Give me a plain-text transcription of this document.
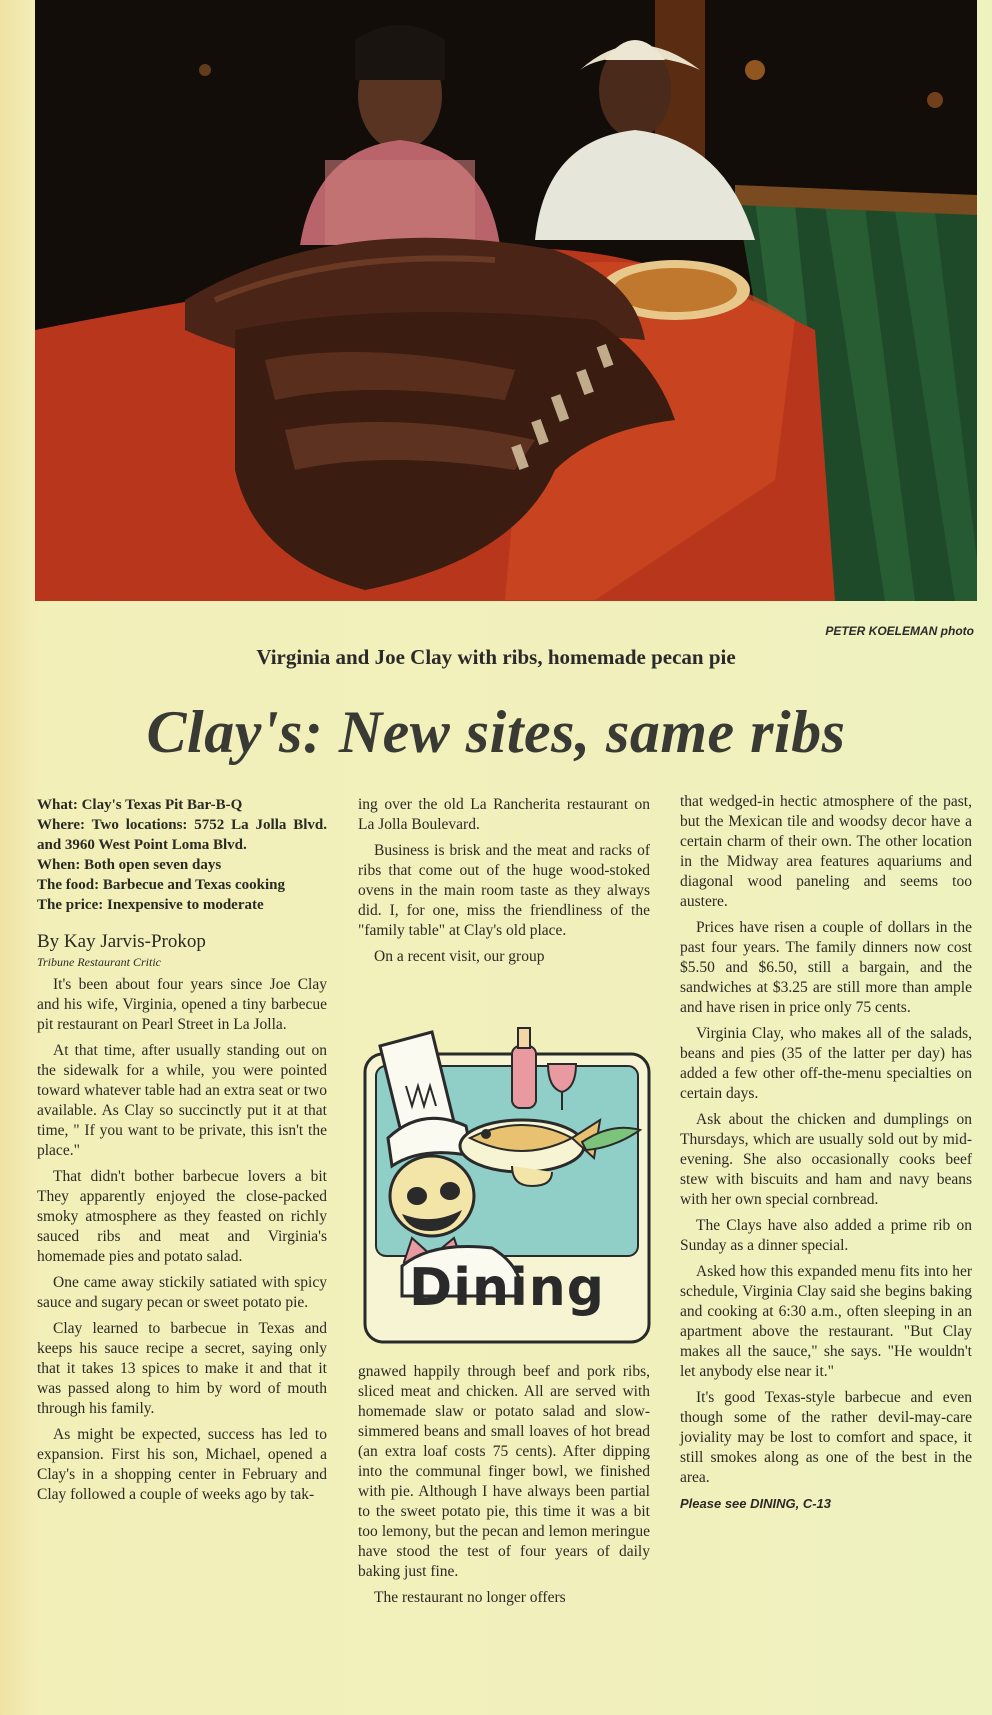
PETER KOELEMAN photo
Virginia and Joe Clay with ribs, homemade pecan pie
Clay's: New sites, same ribs
What: Clay's Texas Pit Bar-B-Q
Where: Two locations: 5752 La Jolla Blvd. and 3960 West Point Loma Blvd.
When: Both open seven days
The food: Barbecue and Texas cooking
The price: Inexpensive to moderate
By Kay Jarvis-Prokop
Tribune Restaurant Critic

It's been about four years since Joe Clay and his wife, Virginia, opened a tiny barbecue pit restaurant on Pearl Street in La Jolla.

At that time, after usually standing out on the sidewalk for a while, you were pointed toward whatever table had an extra seat or two available. As Clay so succinctly put it at that time, " If you want to be private, this isn't the place."

That didn't bother barbecue lovers a bit They apparently enjoyed the close-packed smoky atmosphere as they feasted on richly sauced ribs and meat and Virginia's homemade pies and potato salad.

One came away stickily satiated with spicy sauce and sugary pecan or sweet potato pie.

Clay learned to barbecue in Texas and keeps his sauce recipe a secret, saying only that it takes 13 spices to make it and that it was passed along to him by word of mouth through his family.

As might be expected, success has led to expansion. First his son, Michael, opened a Clay's in a shopping center in February and Clay followed a couple of weeks ago by tak-

ing over the old La Rancherita restaurant on La Jolla Boulevard.

Business is brisk and the meat and racks of ribs that come out of the huge wood-stoked ovens in the main room taste as they always did. I, for one, miss the friendliness of the "family table" at Clay's old place.

On a recent visit, our group

Dining

gnawed happily through beef and pork ribs, sliced meat and chicken. All are served with homemade slaw or potato salad and slow-simmered beans and small loaves of hot bread (an extra loaf costs 75 cents). After dipping into the communal finger bowl, we finished with pie. Although I have always been partial to the sweet potato pie, this time it was a bit too lemony, but the pecan and lemon meringue have stood the test of four years of daily baking just fine.

The restaurant no longer offers

that wedged-in hectic atmosphere of the past, but the Mexican tile and woodsy decor have a certain charm of their own. The other location in the Midway area features aquariums and diagonal wood paneling and seems too austere.

Prices have risen a couple of dollars in the past four years. The family dinners now cost $5.50 and $6.50, still a bargain, and the sandwiches at $3.25 are still more than ample and have risen in price only 75 cents.

Virginia Clay, who makes all of the salads, beans and pies (35 of the latter per day) has added a few other off-the-menu specialties on certain days.

Ask about the chicken and dumplings on Thursdays, which are usually sold out by mid-evening. She also occasionally cooks beef stew with biscuits and ham and navy beans with her own special cornbread.

The Clays have also added a prime rib on Sunday as a dinner special.

Asked how this expanded menu fits into her schedule, Virginia Clay said she begins baking and cooking at 6:30 a.m., often sleeping in an apartment above the restaurant. "But Clay makes all the sauce," she says. "He wouldn't let anybody else near it."

It's good Texas-style barbecue and even though some of the rather devil-may-care joviality may be lost to comfort and space, it still smokes along as one of the best in the area.

Please see DINING, C-13
